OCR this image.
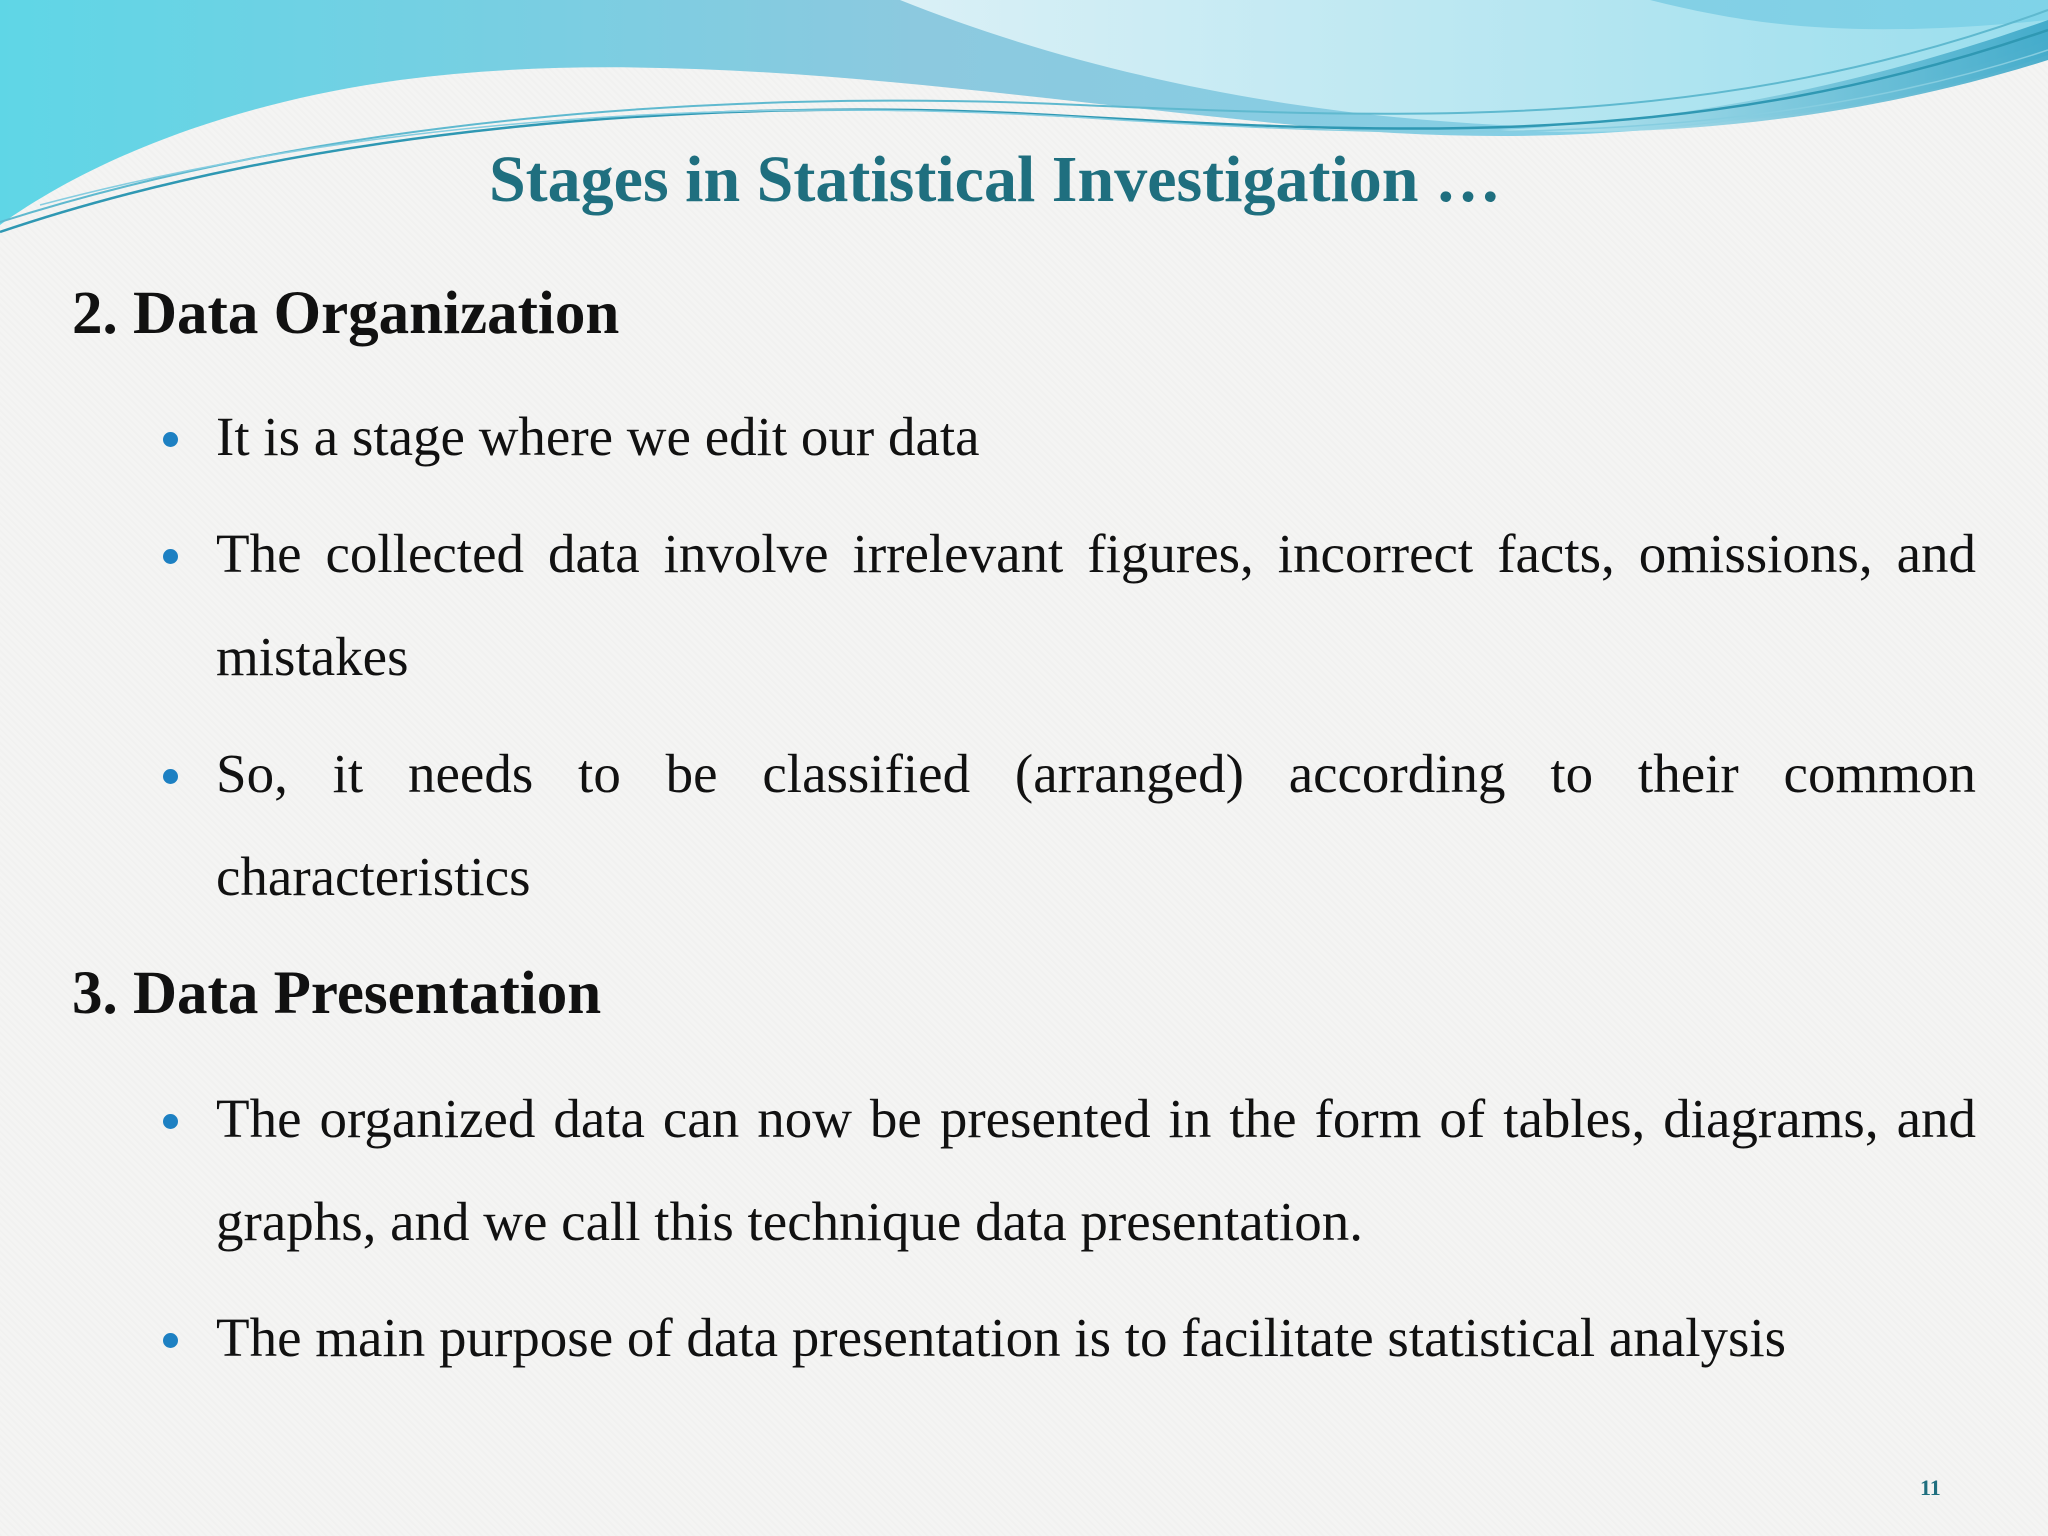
Stages in Statistical Investigation …
2. Data Organization
It is a stage where we edit our data
The collected data involve irrelevant figures, incorrect facts, omissions, and mistakes
So, it needs to be classified (arranged) according to their common characteristics
3. Data Presentation
The organized data can now be presented in the form of tables, diagrams, and graphs, and we call this technique data presentation.
The main purpose of data presentation is to facilitate statistical analysis
11
